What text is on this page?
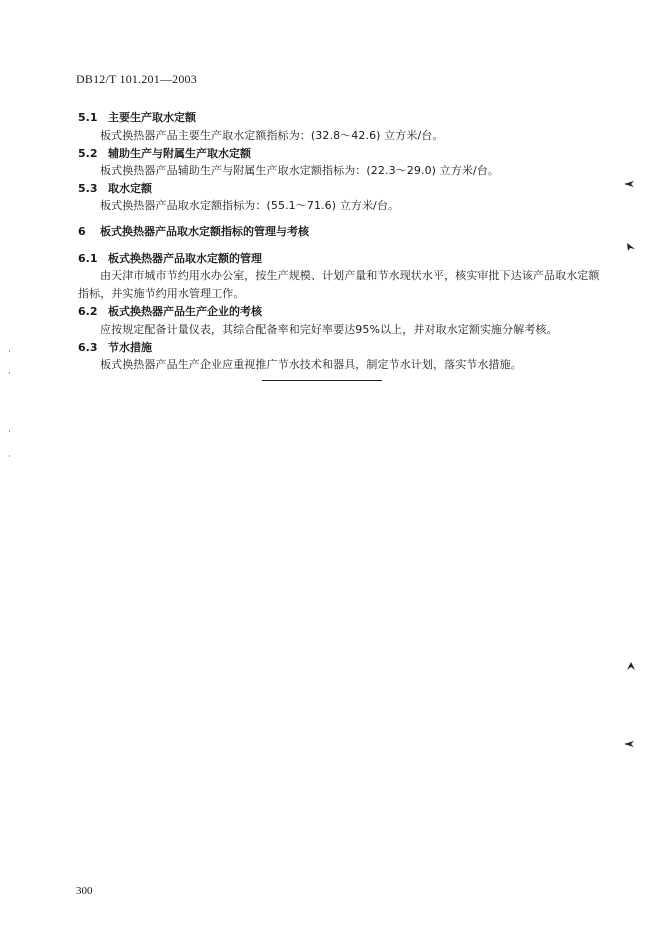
DB12/T 101.201—2003
5.1 主要生产取水定额
板式换热器产品主要生产取水定额指标为：(32.8～42.6) 立方米/台。
5.2 辅助生产与附属生产取水定额
板式换热器产品辅助生产与附属生产取水定额指标为：(22.3～29.0) 立方米/台。
5.3 取水定额
板式换热器产品取水定额指标为：(55.1～71.6) 立方米/台。
6 板式换热器产品取水定额指标的管理与考核
6.1 板式换热器产品取水定额的管理
由天津市城市节约用水办公室，按生产规模、计划产量和节水现状水平，核实审批下达该产品取水定额
指标，并实施节约用水管理工作。
6.2 板式换热器产品生产企业的考核
应按规定配备计量仪表，其综合配备率和完好率要达95%以上，并对取水定额实施分解考核。
6.3 节水措施
板式换热器产品生产企业应重视推广节水技术和器具，制定节水计划，落实节水措施。
300
